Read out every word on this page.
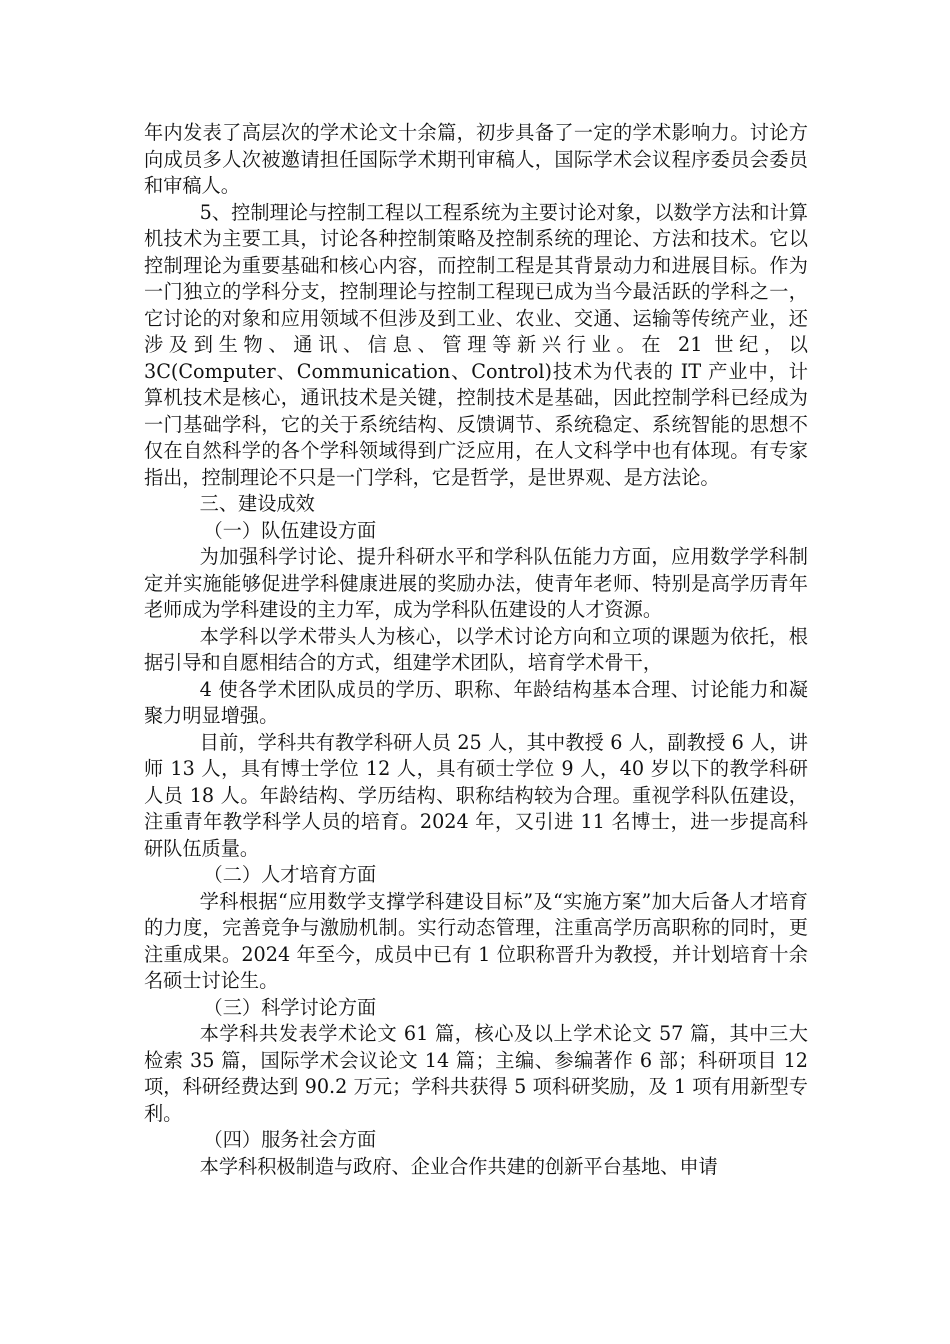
年内发表了高层次的学术论文十余篇，初步具备了一定的学术影响力。讨论方向成员多人次被邀请担任国际学术期刊审稿人，国际学术会议程序委员会委员和审稿人。

5、控制理论与控制工程以工程系统为主要讨论对象，以数学方法和计算机技术为主要工具，讨论各种控制策略及控制系统的理论、方法和技术。它以控制理论为重要基础和核心内容，而控制工程是其背景动力和进展目标。作为一门独立的学科分支，控制理论与控制工程现已成为当今最活跃的学科之一，它讨论的对象和应用领域不但涉及到工业、农业、交通、运输等传统产业，还涉及到生物、通讯、信息、管理等新兴行业。在 21 世纪，以 3C(Computer、Communication、Control)技术为代表的 IT 产业中，计算机技术是核心，通讯技术是关键，控制技术是基础，因此控制学科已经成为一门基础学科，它的关于系统结构、反馈调节、系统稳定、系统智能的思想不仅在自然科学的各个学科领域得到广泛应用，在人文科学中也有体现。有专家指出，控制理论不只是一门学科，它是哲学，是世界观、是方法论。

三、建设成效

（一）队伍建设方面

为加强科学讨论、提升科研水平和学科队伍能力方面，应用数学学科制定并实施能够促进学科健康进展的奖励办法，使青年老师、特别是高学历青年老师成为学科建设的主力军，成为学科队伍建设的人才资源。

本学科以学术带头人为核心，以学术讨论方向和立项的课题为依托，根据引导和自愿相结合的方式，组建学术团队，培育学术骨干，

4 使各学术团队成员的学历、职称、年龄结构基本合理、讨论能力和凝聚力明显增强。

目前，学科共有教学科研人员 25 人，其中教授 6 人，副教授 6 人，讲师 13 人，具有博士学位 12 人，具有硕士学位 9 人，40 岁以下的教学科研人员 18 人。年龄结构、学历结构、职称结构较为合理。重视学科队伍建设，注重青年教学科学人员的培育。2024 年，又引进 11 名博士，进一步提高科研队伍质量。

（二）人才培育方面

学科根据“应用数学支撑学科建设目标”及“实施方案”加大后备人才培育的力度，完善竞争与激励机制。实行动态管理，注重高学历高职称的同时，更注重成果。2024 年至今，成员中已有 1 位职称晋升为教授，并计划培育十余名硕士讨论生。

（三）科学讨论方面

本学科共发表学术论文 61 篇，核心及以上学术论文 57 篇，其中三大检索 35 篇，国际学术会议论文 14 篇；主编、参编著作 6 部；科研项目 12 项，科研经费达到 90.2 万元；学科共获得 5 项科研奖励，及 1 项有用新型专利。

（四）服务社会方面

本学科积极制造与政府、企业合作共建的创新平台基地、申请
